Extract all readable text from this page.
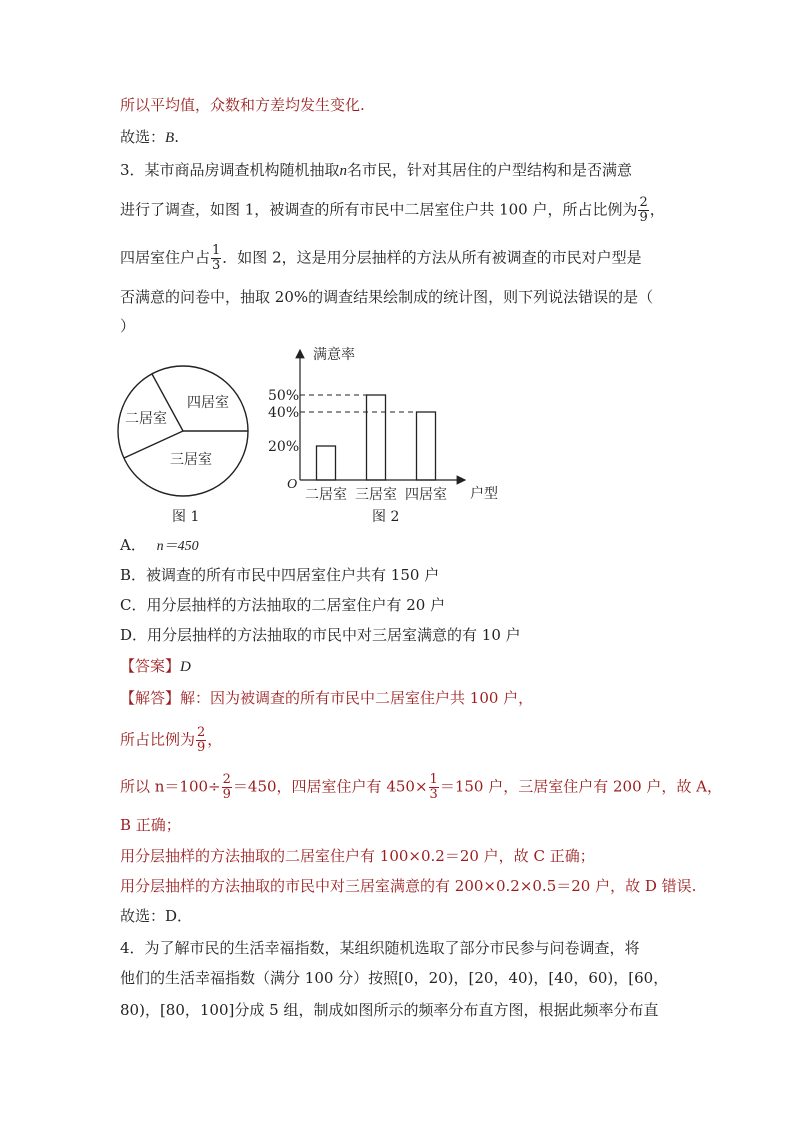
所以平均值，众数和方差均发生变化.
故选：B.
3．某市商品房调查机构随机抽取n名市民，针对其居住的户型结构和是否满意
进行了调查，如图 1，被调查的所有市民中二居室住户共 100 户，所占比例为 $\frac{2}{9}$ ，
四居室住户占 $\frac{1}{3}$ ．如图 2，这是用分层抽样的方法从所有被调查的市民对户型是
否满意的问卷中，抽取 20%的调查结果绘制成的统计图，则下列说法错误的是（
）
二居室
四居室
三居室
图 1
满意率
O
户型
20%
40%
50%
二居室 三居室 四居室
图 2
A． n＝450
B．被调查的所有市民中四居室住户共有 150 户
C．用分层抽样的方法抽取的二居室住户有 20 户
D．用分层抽样的方法抽取的市民中对三居室满意的有 10 户
【答案】D
【解答】解：因为被调查的所有市民中二居室住户共 100 户，
所占比例为 $\frac{2}{9}$ ，
所以 $n=100\div \frac{2}{9} =450$，四居室住户有 $450\times \frac{1}{3} =150$ 户，三居室住户有 200 户，故 A，
B 正确；
用分层抽样的方法抽取的二居室住户有 100×0.2＝20 户，故 C 正确；
用分层抽样的方法抽取的市民中对三居室满意的有 200×0.2×0.5＝20 户，故 D 错误.
故选：D．
4．为了解市民的生活幸福指数，某组织随机选取了部分市民参与问卷调查，将
他们的生活幸福指数（满分 100 分）按照[0，20)，[20，40)，[40，60)，[60，
80)，[80，100]分成 5 组，制成如图所示的频率分布直方图，根据此频率分布直
